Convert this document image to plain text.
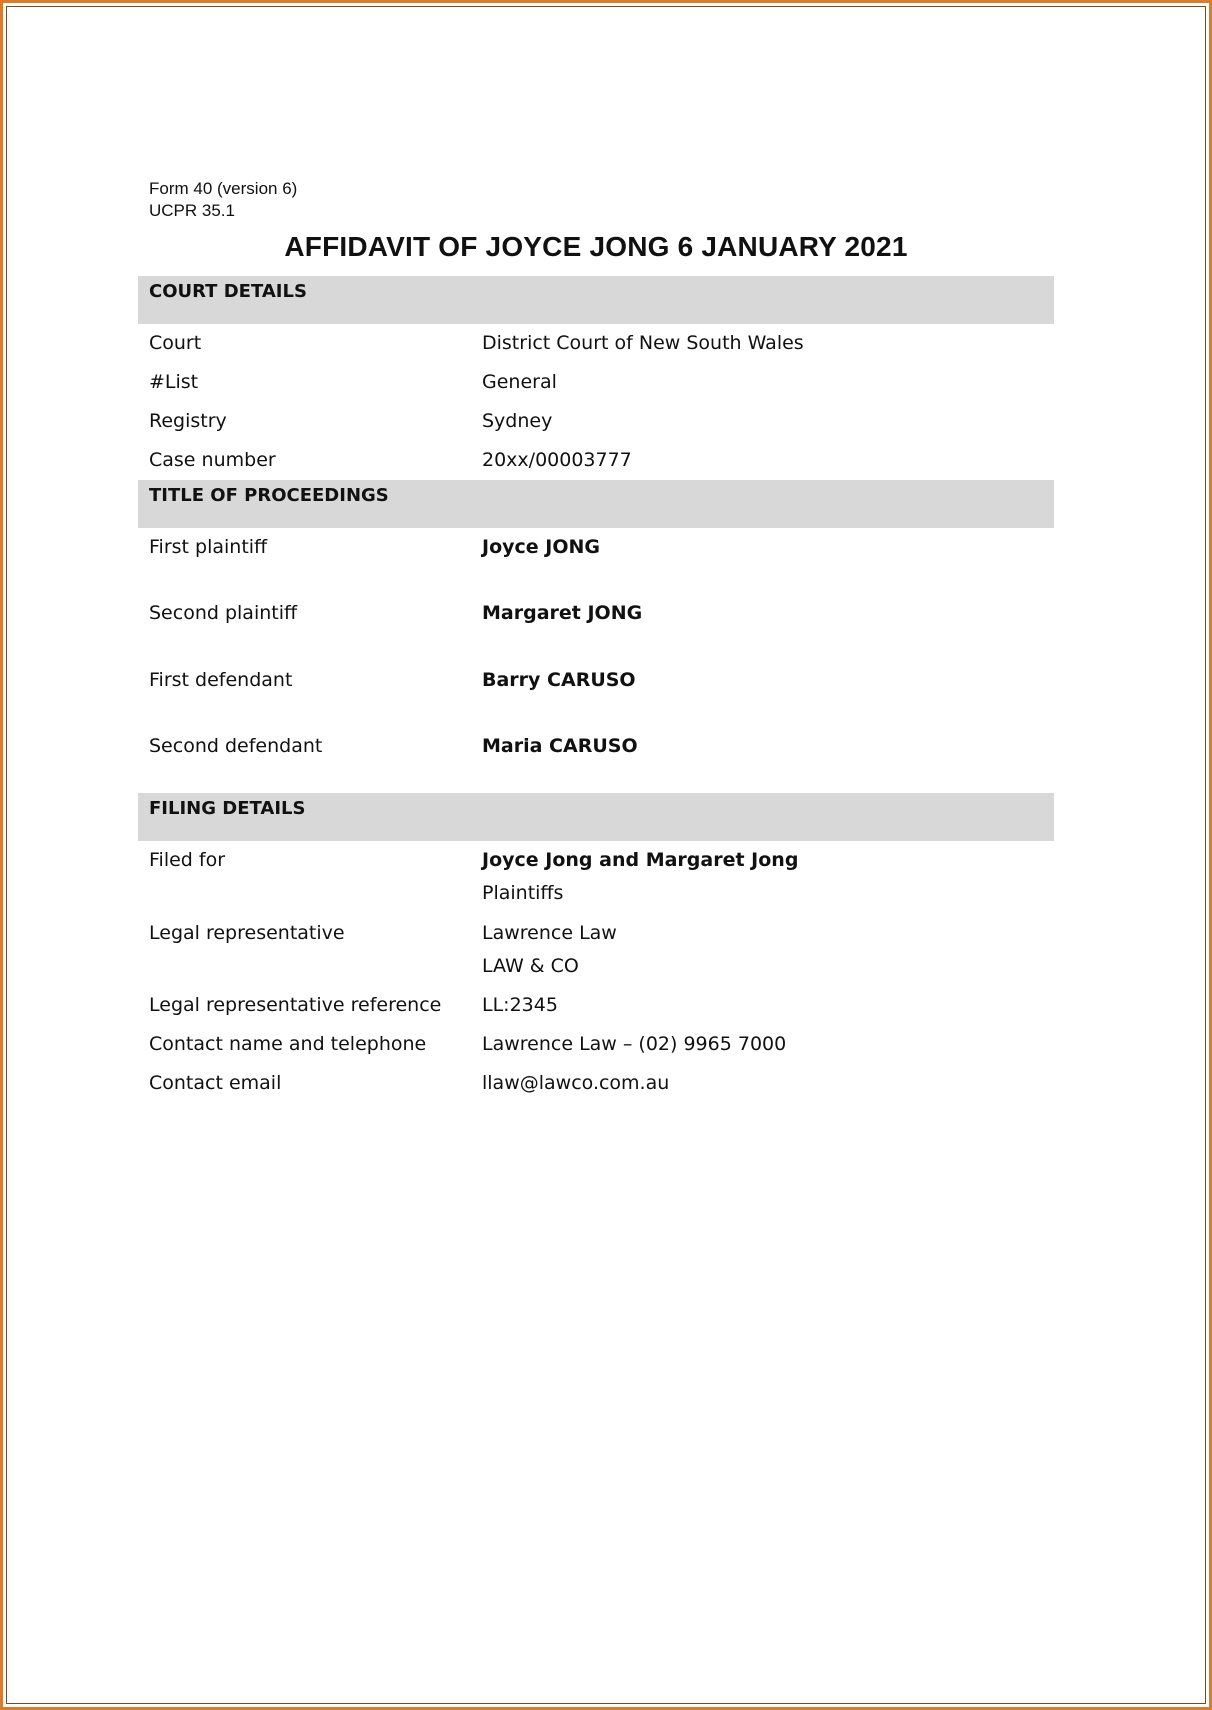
Form 40 (version 6)
UCPR 35.1
AFFIDAVIT OF JOYCE JONG 6 JANUARY 2021
COURT DETAILS
Court	District Court of New South Wales
#List	General
Registry	Sydney
Case number	20xx/00003777
TITLE OF PROCEEDINGS
First plaintiff	Joyce JONG
Second plaintiff	Margaret JONG
First defendant	Barry CARUSO
Second defendant	Maria CARUSO
FILING DETAILS
Filed for	Joyce Jong and Margaret Jong
Plaintiffs
Legal representative	Lawrence Law
LAW & CO
Legal representative reference LL:2345
Contact name and telephone	Lawrence Law – (02) 9965 7000
Contact email	llaw@lawco.com.au
